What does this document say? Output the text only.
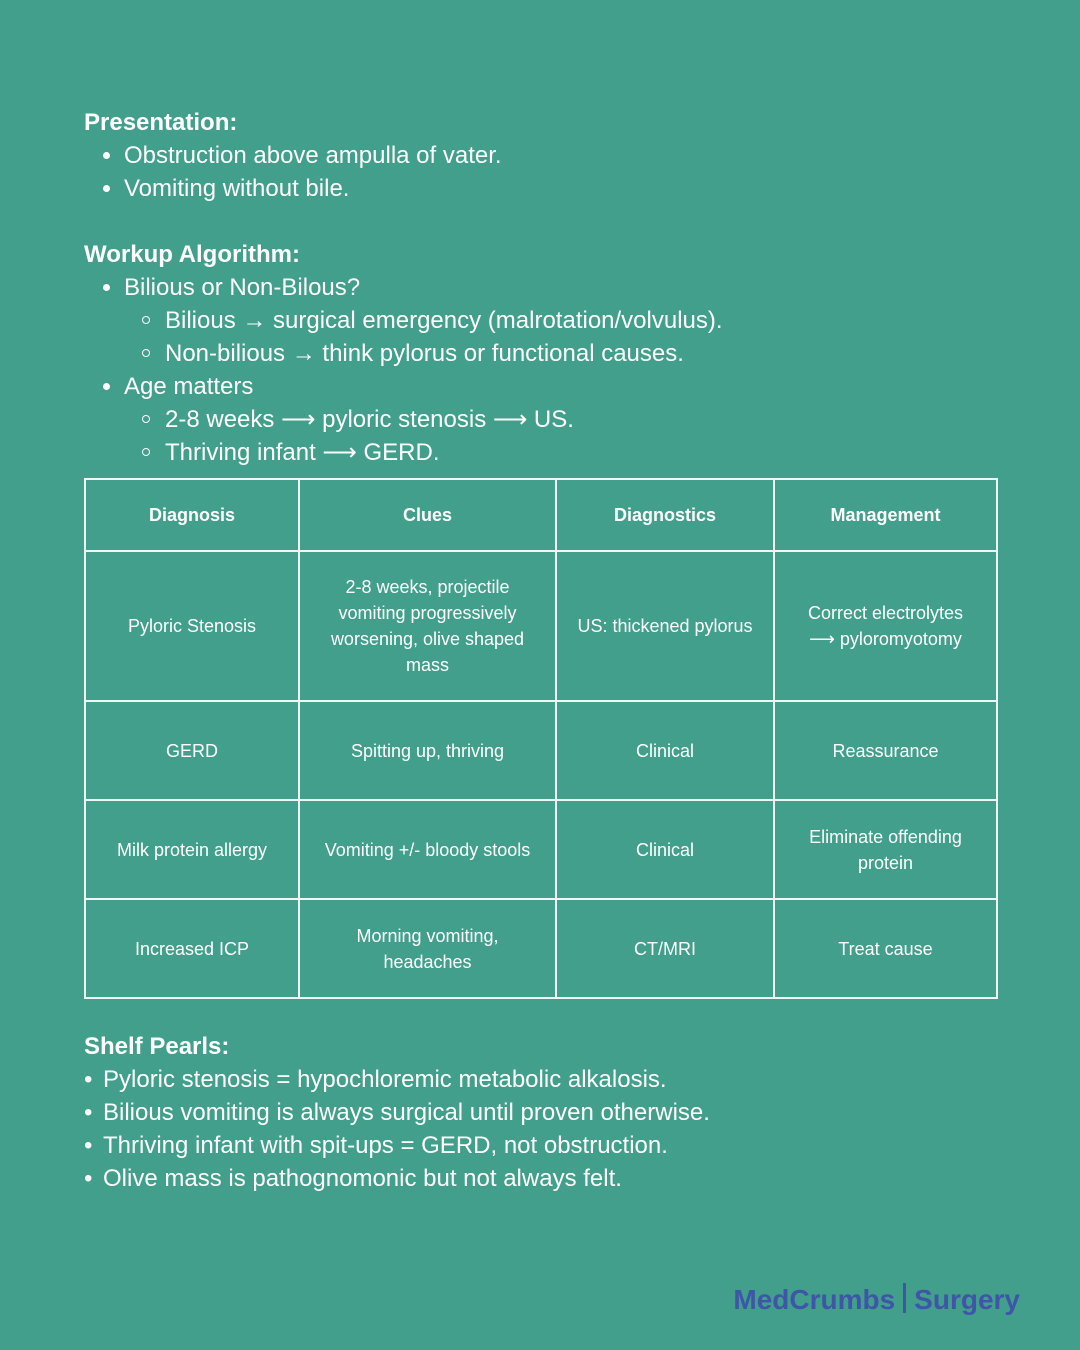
Presentation:

Obstruction above ampulla of vater.
Vomiting without bile.

Workup Algorithm:

Bilious or Non-Bilous?
Bilious → surgical emergency (malrotation/volvulus).
Non-bilious → think pylorus or functional causes.
Age matters
2-8 weeks ⟶ pyloric stenosis ⟶ US.
Thriving infant ⟶ GERD.
Diagnosis	Clues	Diagnostics	Management
Pyloric Stenosis	2-8 weeks, projectile vomiting progressively worsening, olive shaped mass	US: thickened pylorus	Correct electrolytes ⟶ pyloromyotomy
GERD	Spitting up, thriving	Clinical	Reassurance
Milk protein allergy	Vomiting +/- bloody stools	Clinical	Eliminate offending protein
Increased ICP	Morning vomiting, headaches	CT/MRI	Treat cause

Shelf Pearls:

• Pyloric stenosis = hypochloremic metabolic alkalosis.
• Bilious vomiting is always surgical until proven otherwise.
• Thriving infant with spit-ups = GERD, not obstruction.
• Olive mass is pathognomonic but not always felt.
MedCrumbs Surgery
